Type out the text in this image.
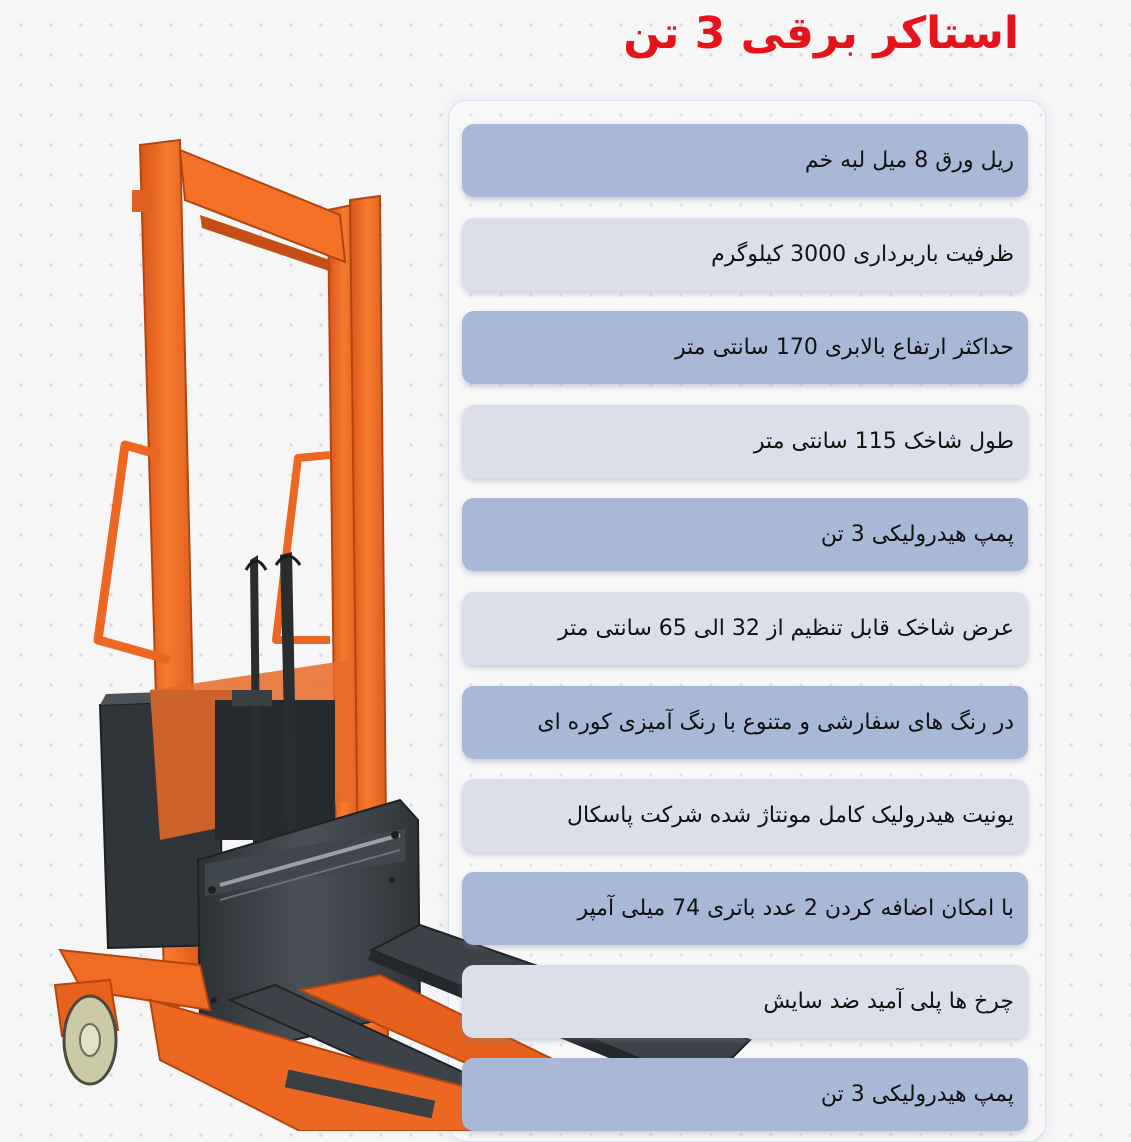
استاکر برقی 3 تن
ریل ورق 8 میل لبه خم
ظرفیت باربرداری 3000 کیلوگرم
حداکثر ارتفاع بالابری 170 سانتی متر
طول شاخک 115 سانتی متر
پمپ هیدرولیکی 3 تن
عرض شاخک قابل تنظیم از 32 الی 65 سانتی متر
در رنگ های سفارشی و متنوع با رنگ آمیزی کوره ای
یونیت هیدرولیک کامل مونتاژ شده شرکت پاسکال
با امکان اضافه کردن 2 عدد باتری 74 میلی آمپر
چرخ ها پلی آمید ضد سایش
پمپ هیدرولیکی 3 تن
